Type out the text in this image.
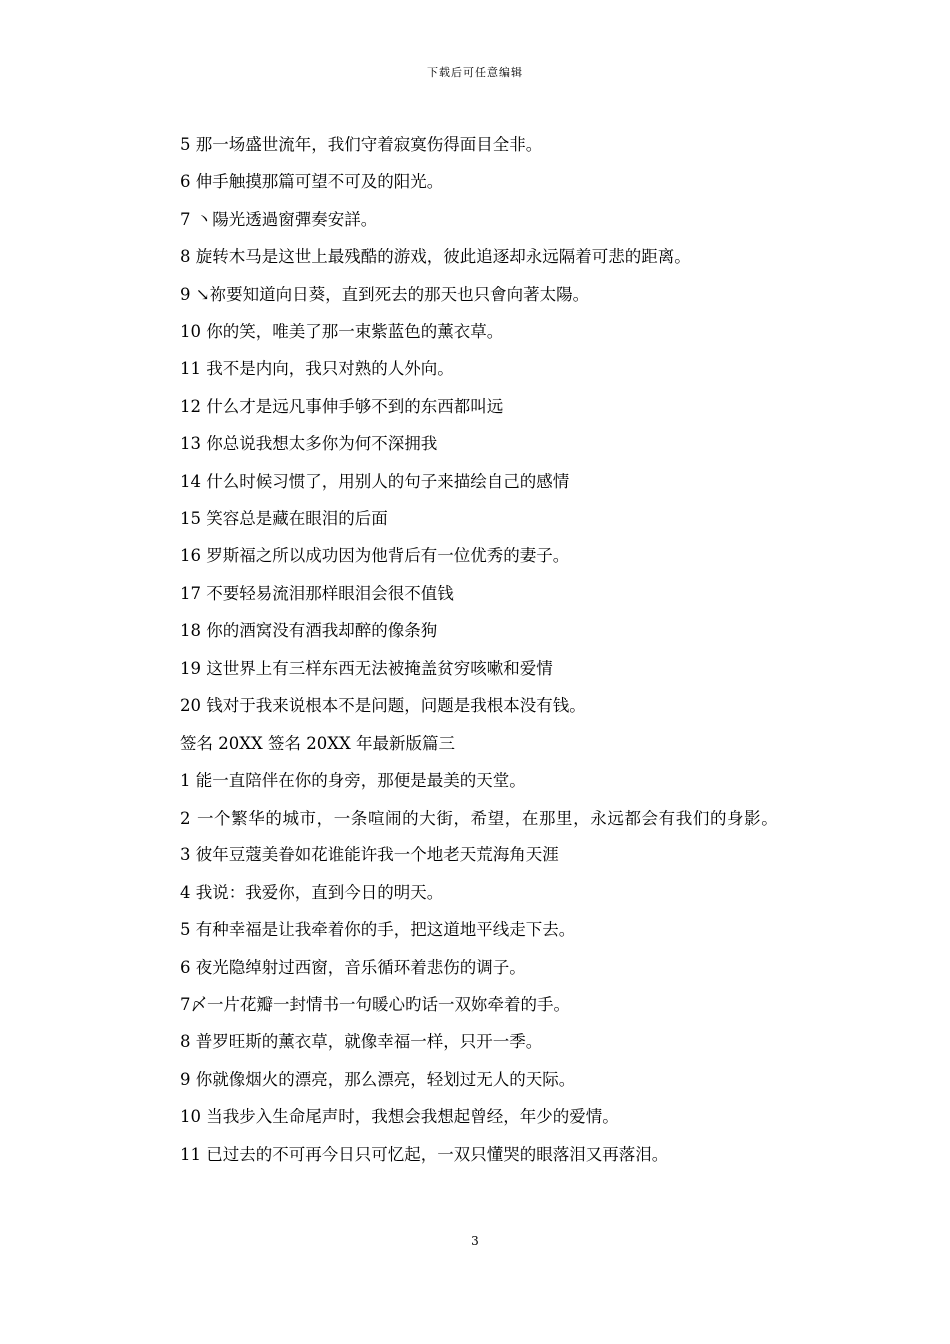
下载后可任意编辑
5 那一场盛世流年，我们守着寂寞伤得面目全非。
6 伸手触摸那篇可望不可及的阳光。
7 丶陽光透過窗彈奏安詳。
8 旋转木马是这世上最残酷的游戏，彼此追逐却永远隔着可悲的距离。
9 ↘祢要知道向日葵，直到死去的那天也只會向著太陽。
10 你的笑，唯美了那一束紫蓝色的薰衣草。
11 我不是内向，我只对熟的人外向。
12 什么才是远凡事伸手够不到的东西都叫远
13 你总说我想太多你为何不深拥我
14 什么时候习惯了，用别人的句子来描绘自己的感情
15 笑容总是藏在眼泪的后面
16 罗斯福之所以成功因为他背后有一位优秀的妻子。
17 不要轻易流泪那样眼泪会很不值钱
18 你的酒窝没有酒我却醉的像条狗
19 这世界上有三样东西无法被掩盖贫穷咳嗽和爱情
20 钱对于我来说根本不是问题，问题是我根本没有钱。
签名 20XX 签名 20XX 年最新版篇三
1 能一直陪伴在你的身旁，那便是最美的天堂。
2 一个繁华的城市，一条喧闹的大街，希望，在那里，永远都会有我们的身影。
3 彼年豆蔻美眷如花谁能许我一个地老天荒海角天涯
4 我说：我爱你，直到今日的明天。
5 有种幸福是让我牵着你的手，把这道地平线走下去。
6 夜光隐绰射过西窗，音乐循环着悲伤的调子。
7〆一片花瓣一封情书一句暖心旳话一双妳牵着的手。
8 普罗旺斯的薰衣草，就像幸福一样，只开一季。
9 你就像烟火的漂亮，那么漂亮，轻划过无人的天际。
10 当我步入生命尾声时，我想会我想起曾经，年少的爱情。
11 已过去的不可再今日只可忆起，一双只懂哭的眼落泪又再落泪。
3
